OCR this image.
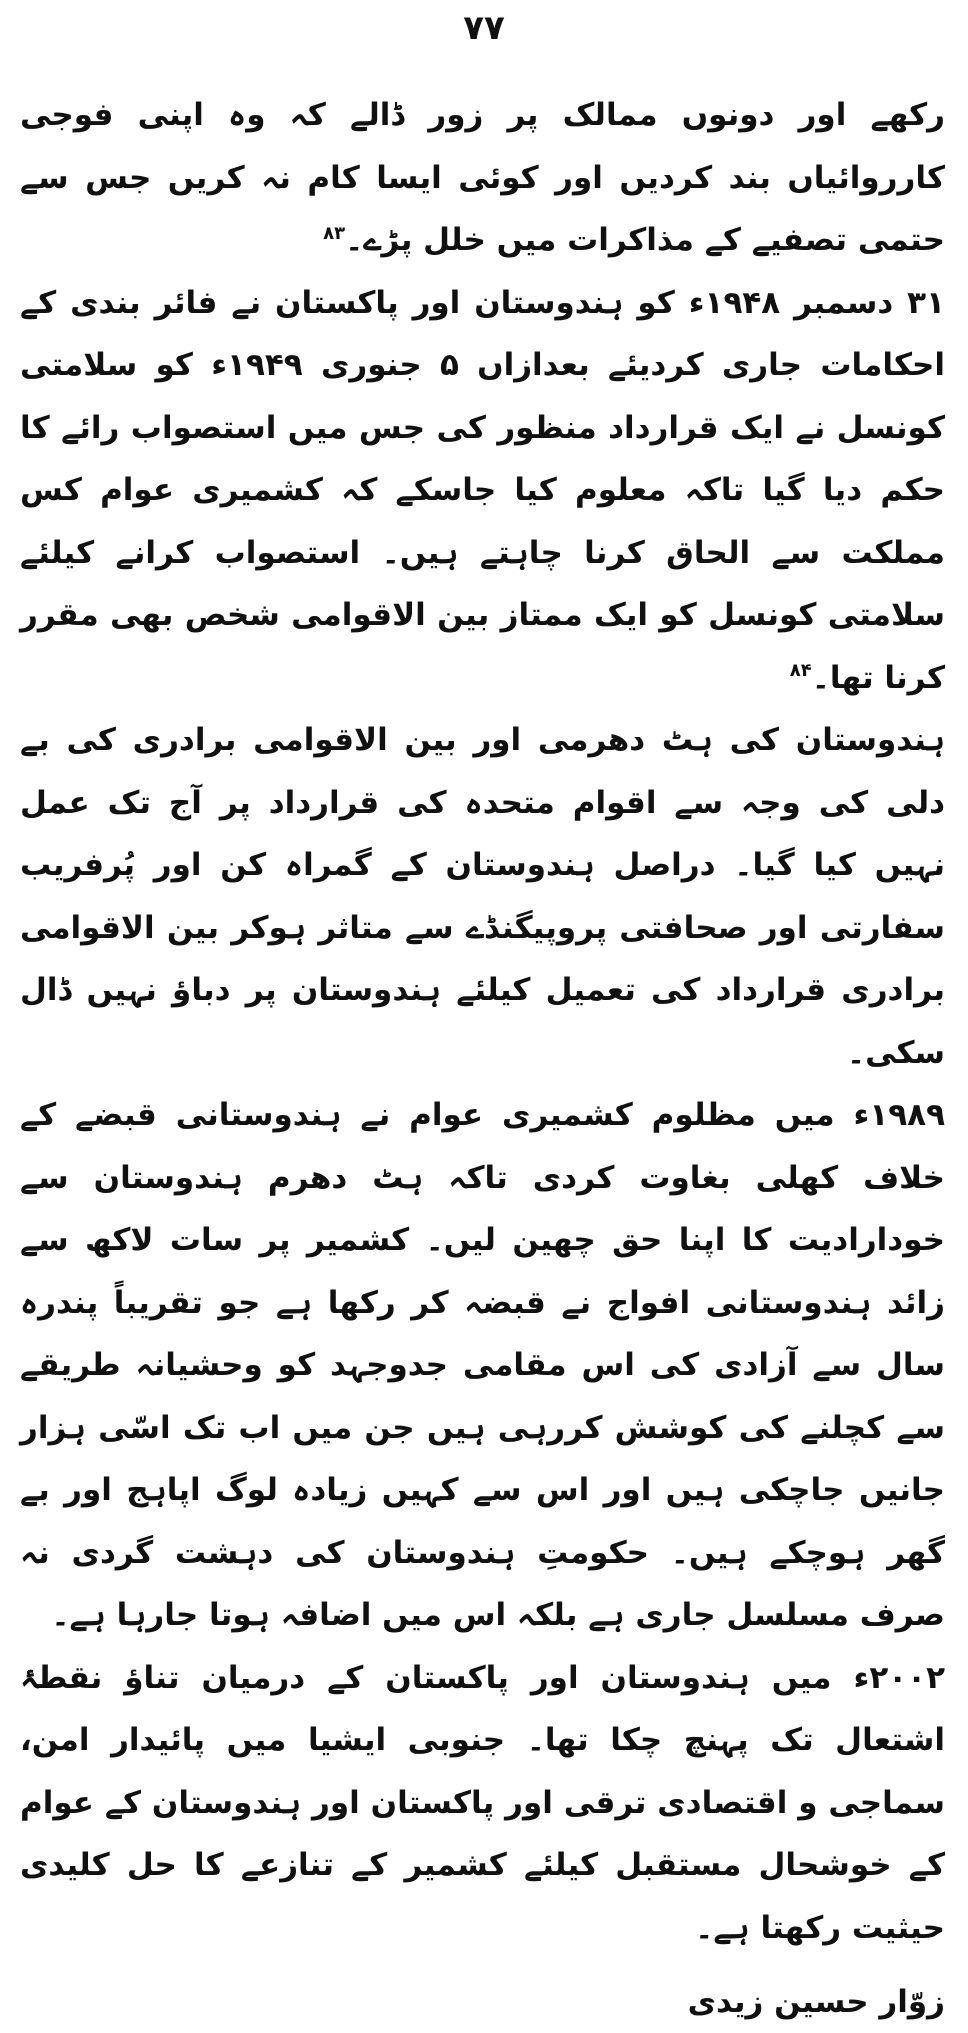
۷۷

رکھے اور دونوں ممالک پر زور ڈالے کہ وہ اپنی فوجی کارروائیاں بند کردیں اور کوئی ایسا کام نہ کریں جس سے حتمی تصفیے کے مذاکرات میں خلل پڑے۔$^{۸۳}$

۳۱ دسمبر ۱۹۴۸ء کو ہندوستان اور پاکستان نے فائر بندی کے احکامات جاری کردیئے بعدازاں ۵ جنوری ۱۹۴۹ء کو سلامتی کونسل نے ایک قرارداد منظور کی جس میں استصواب رائے کا حکم دیا گیا تاکہ معلوم کیا جاسکے کہ کشمیری عوام کس مملکت سے الحاق کرنا چاہتے ہیں۔ استصواب کرانے کیلئے سلامتی کونسل کو ایک ممتاز بین الاقوامی شخص بھی مقرر کرنا تھا۔$^{۸۴}$

ہندوستان کی ہٹ دھرمی اور بین الاقوامی برادری کی بے دلی کی وجہ سے اقوام متحدہ کی قرارداد پر آج تک عمل نہیں کیا گیا۔ دراصل ہندوستان کے گمراہ کن اور پُرفریب سفارتی اور صحافتی پروپیگنڈے سے متاثر ہوکر بین الاقوامی برادری قرارداد کی تعمیل کیلئے ہندوستان پر دباؤ نہیں ڈال سکی۔

۱۹۸۹ء میں مظلوم کشمیری عوام نے ہندوستانی قبضے کے خلاف کھلی بغاوت کردی تاکہ ہٹ دھرم ہندوستان سے خودارادیت کا اپنا حق چھین لیں۔ کشمیر پر سات لاکھ سے زائد ہندوستانی افواج نے قبضہ کر رکھا ہے جو تقریباً پندرہ سال سے آزادی کی اس مقامی جدوجہد کو وحشیانہ طریقے سے کچلنے کی کوشش کررہی ہیں جن میں اب تک اسّی ہزار جانیں جاچکی ہیں اور اس سے کہیں زیادہ لوگ اپاہج اور بے گھر ہوچکے ہیں۔ حکومتِ ہندوستان کی دہشت گردی نہ صرف مسلسل جاری ہے بلکہ اس میں اضافہ ہوتا جارہا ہے۔

۲۰۰۲ء میں ہندوستان اور پاکستان کے درمیان تناؤ نقطۂ اشتعال تک پہنچ چکا تھا۔ جنوبی ایشیا میں پائیدار امن، سماجی و اقتصادی ترقی اور پاکستان اور ہندوستان کے عوام کے خوشحال مستقبل کیلئے کشمیر کے تنازعے کا حل کلیدی حیثیت رکھتا ہے۔

زوّار حسین زیدی
